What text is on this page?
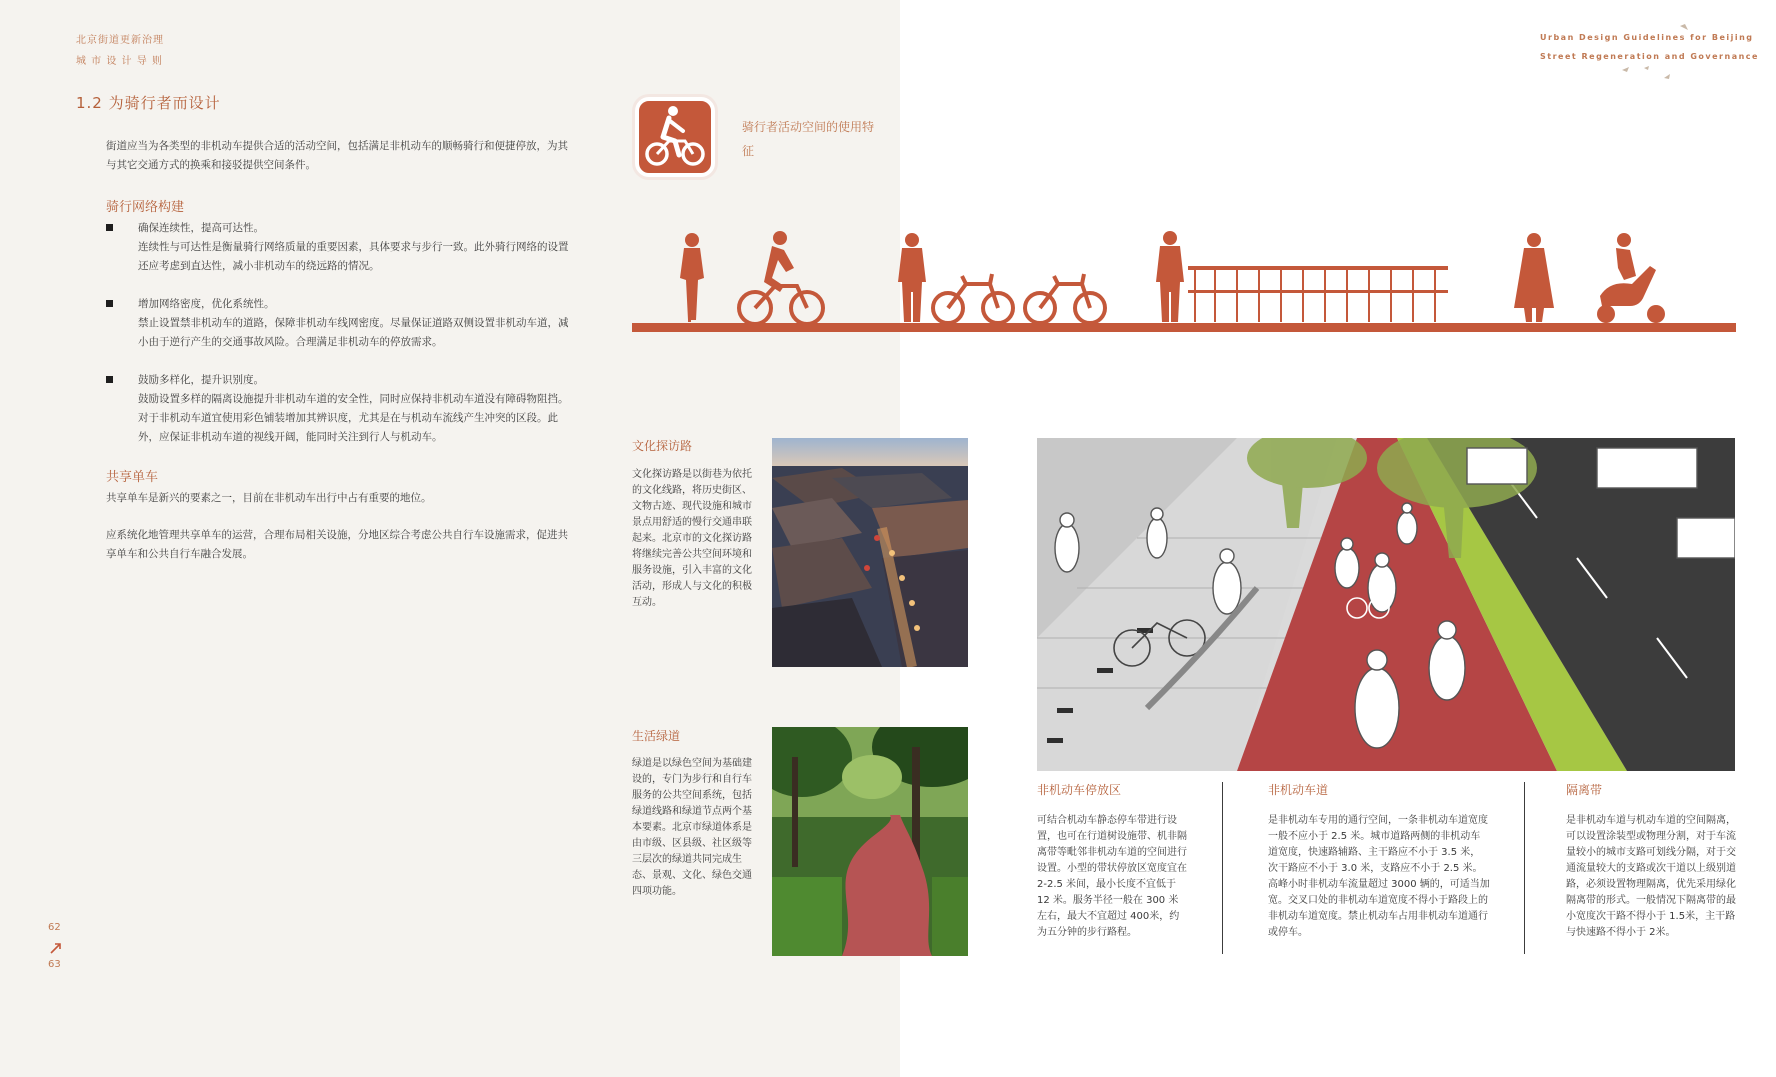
北京街道更新治理
城 市 设 计 导 则
1.2 为骑行者而设计
街道应当为各类型的非机动车提供合适的活动空间，包括满足非机动车的顺畅骑行和便捷停放，为其与其它交通方式的换乘和接驳提供空间条件。
骑行网络构建
确保连续性，提高可达性。
连续性与可达性是衡量骑行网络质量的重要因素，具体要求与步行一致。此外骑行网络的设置还应考虑到直达性，减小非机动车的绕远路的情况。
增加网络密度，优化系统性。
禁止设置禁非机动车的道路，保障非机动车线网密度。尽量保证道路双侧设置非机动车道，减小由于逆行产生的交通事故风险。合理满足非机动车的停放需求。
鼓励多样化，提升识别度。
鼓励设置多样的隔离设施提升非机动车道的安全性，同时应保持非机动车道没有障碍物阻挡。对于非机动车道宜使用彩色铺装增加其辨识度，尤其是在与机动车流线产生冲突的区段。此外，应保证非机动车道的视线开阔，能同时关注到行人与机动车。
共享单车
共享单车是新兴的要素之一，目前在非机动车出行中占有重要的地位。
应系统化地管理共享单车的运营，合理布局相关设施，分地区综合考虑公共自行车设施需求，促进共享单车和公共自行车融合发展。
62
63
Urban Design Guidelines for Beijing
Street Regeneration and Governance
骑行者活动空间的使用特征
文化探访路
文化探访路是以街巷为依托的文化线路，将历史街区、文物古迹、现代设施和城市景点用舒适的慢行交通串联起来。北京市的文化探访路将继续完善公共空间环境和服务设施，引入丰富的文化活动，形成人与文化的积极互动。
生活绿道
绿道是以绿色空间为基础建设的，专门为步行和自行车服务的公共空间系统，包括绿道线路和绿道节点两个基本要素。北京市绿道体系是由市级、区县级、社区级等三层次的绿道共同完成生态、景观、文化、绿色交通四项功能。
非机动车停放区
可结合机动车静态停车带进行设置，也可在行道树设施带、机非隔离带等毗邻非机动车道的空间进行设置。小型的带状停放区宽度宜在 2-2.5 米间，最小长度不宜低于 12 米。服务半径一般在 300 米左右，最大不宜超过 400米，约为五分钟的步行路程。
非机动车道
是非机动车专用的通行空间，一条非机动车道宽度一般不应小于 2.5 米。城市道路两侧的非机动车道宽度，快速路辅路、主干路应不小于 3.5 米，次干路应不小于 3.0 米，支路应不小于 2.5 米。高峰小时非机动车流量超过 3000 辆的，可适当加宽。交叉口处的非机动车道宽度不得小于路段上的非机动车道宽度。禁止机动车占用非机动车道通行或停车。
隔离带
是非机动车道与机动车道的空间隔离，可以设置涂装型或物理分割，对于车流量较小的城市支路可划线分隔，对于交通流量较大的支路或次干道以上级别道路，必须设置物理隔离，优先采用绿化隔离带的形式。一般情况下隔离带的最小宽度次干路不得小于 1.5米，主干路与快速路不得小于 2米。
